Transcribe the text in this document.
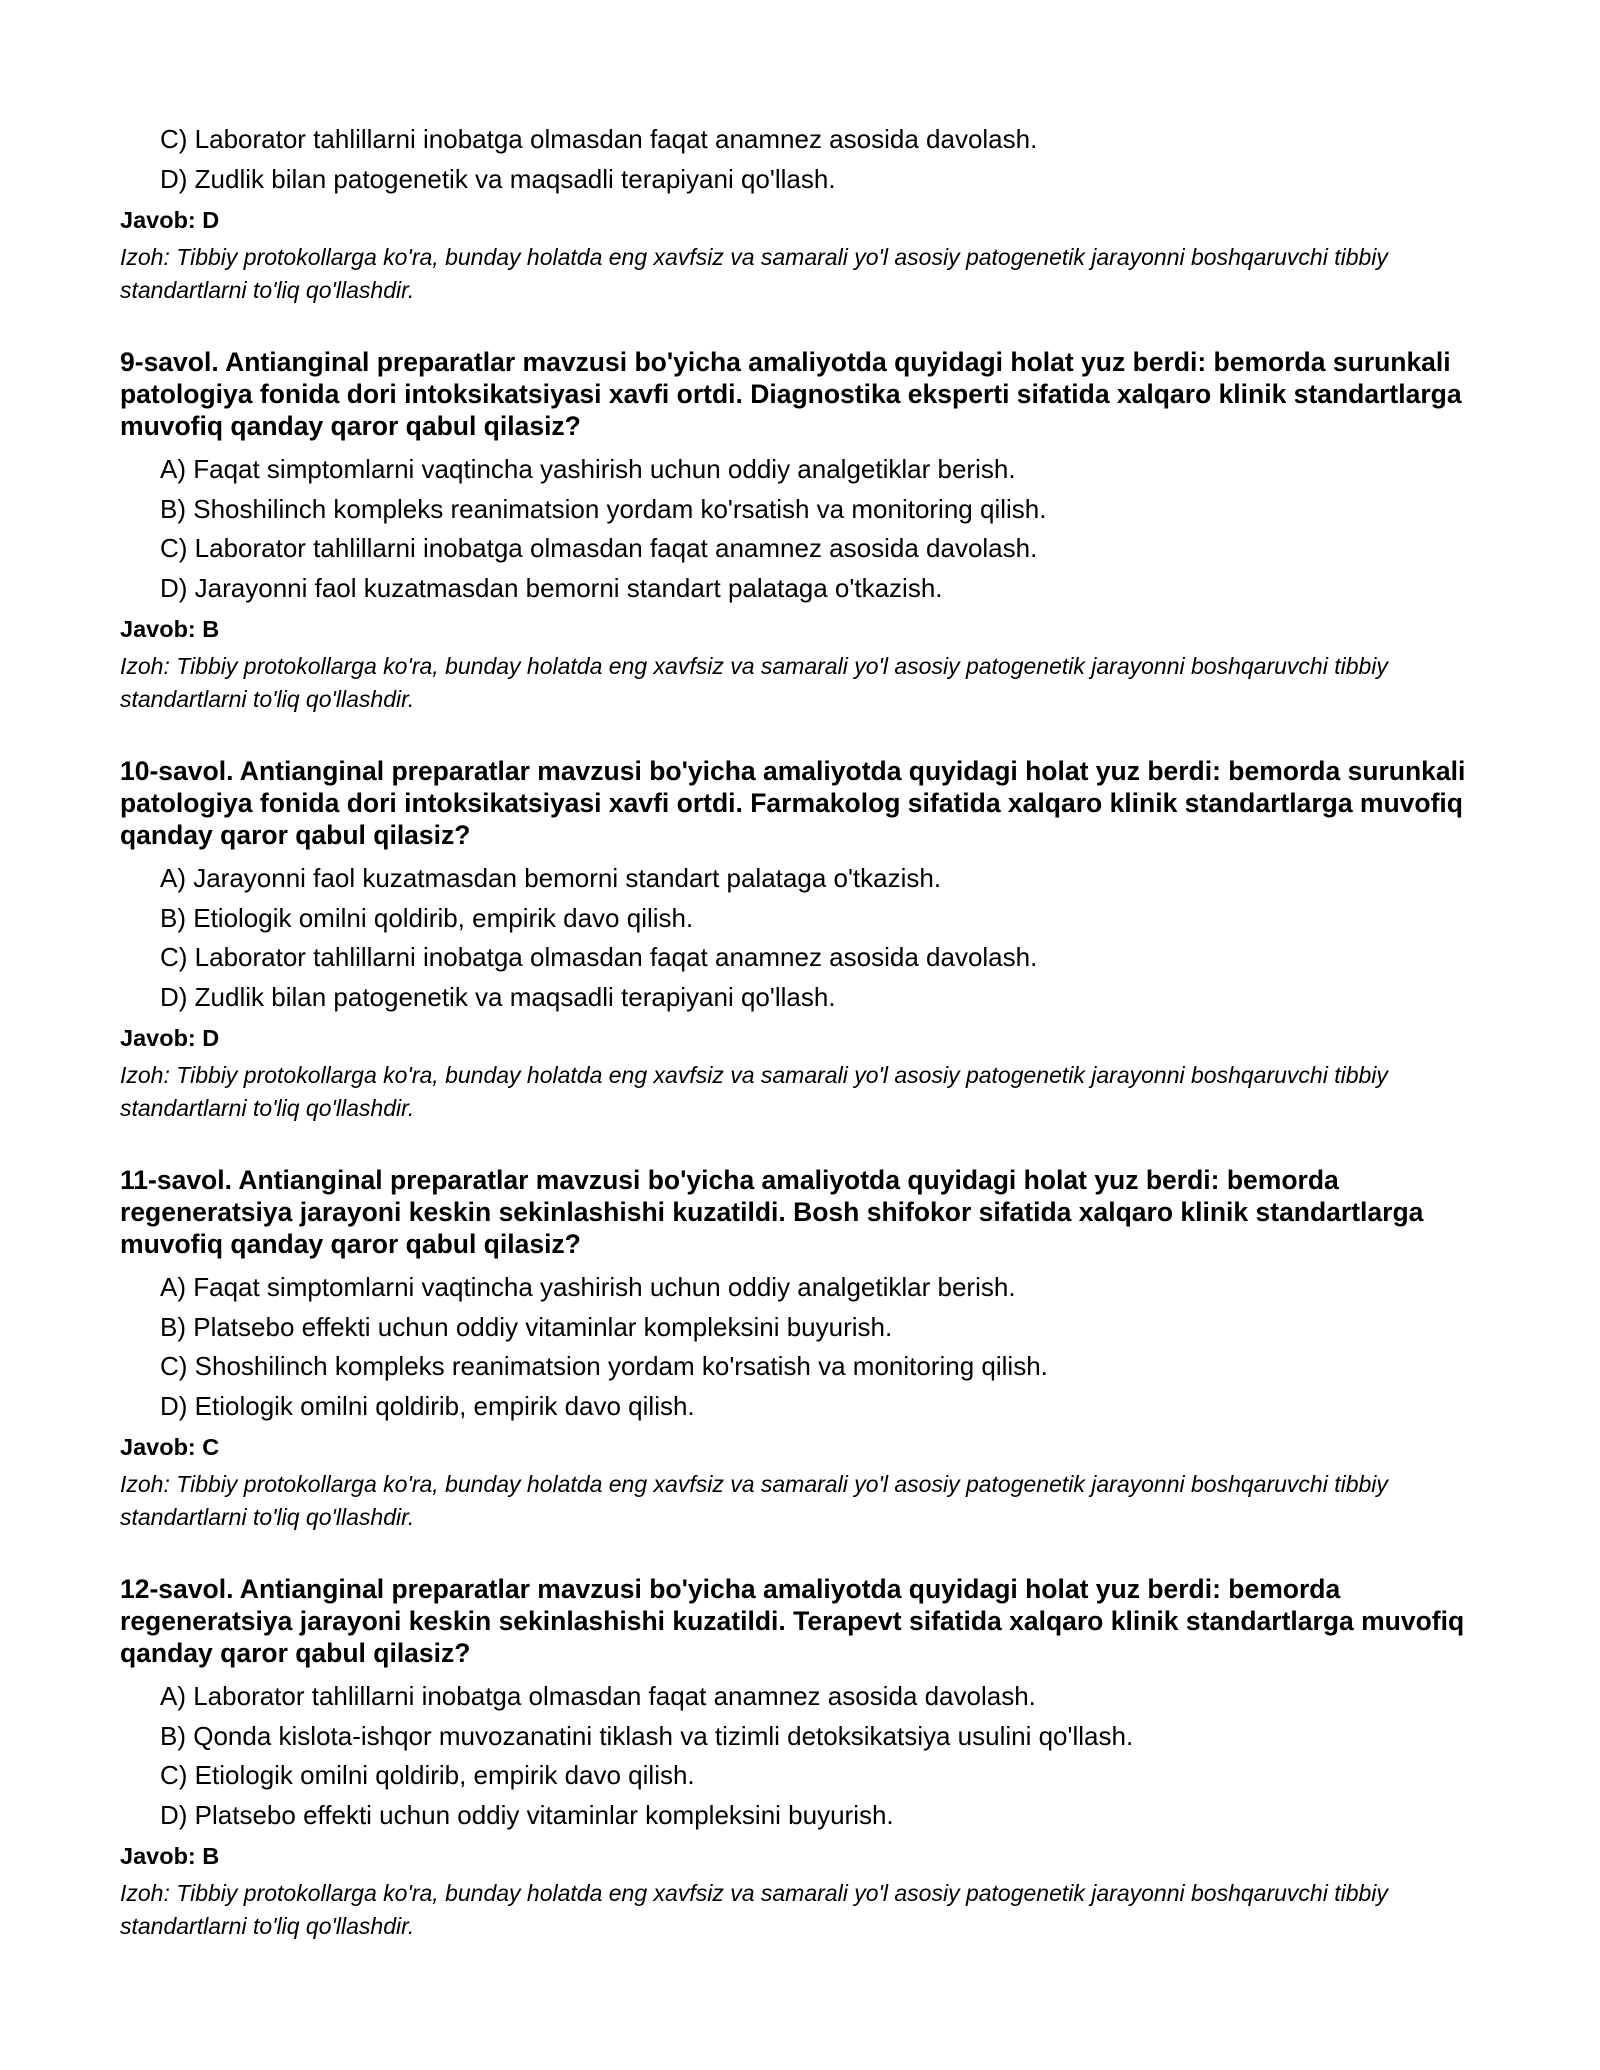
C) Laborator tahlillarni inobatga olmasdan faqat anamnez asosida davolash.
D) Zudlik bilan patogenetik va maqsadli terapiyani qo'llash.
Javob: D
Izoh: Tibbiy protokollarga ko'ra, bunday holatda eng xavfsiz va samarali yo'l asosiy patogenetik jarayonni boshqaruvchi tibbiy standartlarni to'liq qo'llashdir.

9-savol. Antianginal preparatlar mavzusi bo'yicha amaliyotda quyidagi holat yuz berdi: bemorda surunkali patologiya fonida dori intoksikatsiyasi xavfi ortdi. Diagnostika eksperti sifatida xalqaro klinik standartlarga muvofiq qanday qaror qabul qilasiz?

A) Faqat simptomlarni vaqtincha yashirish uchun oddiy analgetiklar berish.
B) Shoshilinch kompleks reanimatsion yordam ko'rsatish va monitoring qilish.
C) Laborator tahlillarni inobatga olmasdan faqat anamnez asosida davolash.
D) Jarayonni faol kuzatmasdan bemorni standart palataga o'tkazish.
Javob: B
Izoh: Tibbiy protokollarga ko'ra, bunday holatda eng xavfsiz va samarali yo'l asosiy patogenetik jarayonni boshqaruvchi tibbiy standartlarni to'liq qo'llashdir.

10-savol. Antianginal preparatlar mavzusi bo'yicha amaliyotda quyidagi holat yuz berdi: bemorda surunkali patologiya fonida dori intoksikatsiyasi xavfi ortdi. Farmakolog sifatida xalqaro klinik standartlarga muvofiq qanday qaror qabul qilasiz?

A) Jarayonni faol kuzatmasdan bemorni standart palataga o'tkazish.
B) Etiologik omilni qoldirib, empirik davo qilish.
C) Laborator tahlillarni inobatga olmasdan faqat anamnez asosida davolash.
D) Zudlik bilan patogenetik va maqsadli terapiyani qo'llash.
Javob: D
Izoh: Tibbiy protokollarga ko'ra, bunday holatda eng xavfsiz va samarali yo'l asosiy patogenetik jarayonni boshqaruvchi tibbiy standartlarni to'liq qo'llashdir.

11-savol. Antianginal preparatlar mavzusi bo'yicha amaliyotda quyidagi holat yuz berdi: bemorda regeneratsiya jarayoni keskin sekinlashishi kuzatildi. Bosh shifokor sifatida xalqaro klinik standartlarga muvofiq qanday qaror qabul qilasiz?

A) Faqat simptomlarni vaqtincha yashirish uchun oddiy analgetiklar berish.
B) Platsebo effekti uchun oddiy vitaminlar kompleksini buyurish.
C) Shoshilinch kompleks reanimatsion yordam ko'rsatish va monitoring qilish.
D) Etiologik omilni qoldirib, empirik davo qilish.
Javob: C
Izoh: Tibbiy protokollarga ko'ra, bunday holatda eng xavfsiz va samarali yo'l asosiy patogenetik jarayonni boshqaruvchi tibbiy standartlarni to'liq qo'llashdir.

12-savol. Antianginal preparatlar mavzusi bo'yicha amaliyotda quyidagi holat yuz berdi: bemorda regeneratsiya jarayoni keskin sekinlashishi kuzatildi. Terapevt sifatida xalqaro klinik standartlarga muvofiq qanday qaror qabul qilasiz?

A) Laborator tahlillarni inobatga olmasdan faqat anamnez asosida davolash.
B) Qonda kislota-ishqor muvozanatini tiklash va tizimli detoksikatsiya usulini qo'llash.
C) Etiologik omilni qoldirib, empirik davo qilish.
D) Platsebo effekti uchun oddiy vitaminlar kompleksini buyurish.
Javob: B
Izoh: Tibbiy protokollarga ko'ra, bunday holatda eng xavfsiz va samarali yo'l asosiy patogenetik jarayonni boshqaruvchi tibbiy standartlarni to'liq qo'llashdir.
